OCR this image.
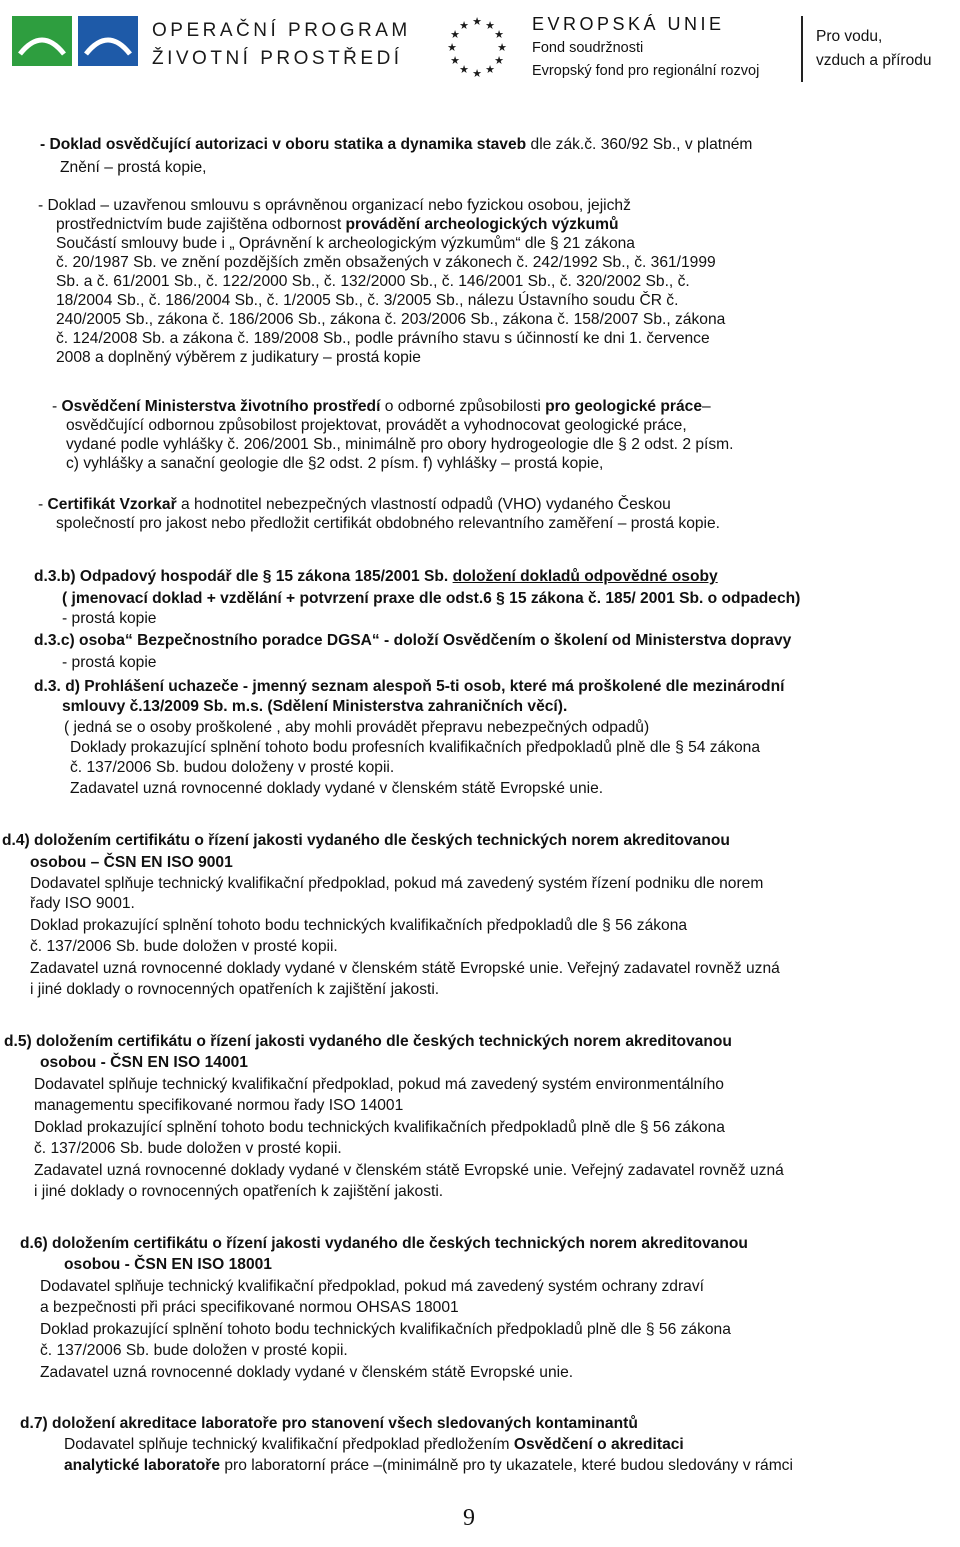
OPERAČNÍ PROGRAM
ŽIVOTNÍ PROSTŘEDÍ
★ ★
★
★
★
★
★
★
★
★
★
★	EVROPSKÁ UNIE
Fond soudržnosti
Evropský fond pro regionální rozvoj
Pro vodu,
vzduch a přírodu
- Doklad osvědčující autorizaci v oboru statika a dynamika staveb dle zák.č. 360/92 Sb., v platném
Znění – prostá kopie,
- Doklad – uzavřenou smlouvu s oprávněnou organizací nebo fyzickou osobou, jejichž
prostřednictvím bude zajištěna odbornost provádění archeologických výzkumů
Součástí smlouvy bude i „ Oprávnění k archeologickým výzkumům“ dle § 21 zákona
č. 20/1987 Sb. ve znění pozdějších změn obsažených v zákonech č. 242/1992 Sb., č. 361/1999
Sb. a č. 61/2001 Sb., č. 122/2000 Sb., č. 132/2000 Sb., č. 146/2001 Sb., č. 320/2002 Sb., č.
18/2004 Sb., č. 186/2004 Sb., č. 1/2005 Sb., č. 3/2005 Sb., nálezu Ústavního soudu ČR č.
240/2005 Sb., zákona č. 186/2006 Sb., zákona č. 203/2006 Sb., zákona č. 158/2007 Sb., zákona
č. 124/2008 Sb. a zákona č. 189/2008 Sb., podle právního stavu s účinností ke dni 1. července
2008 a doplněný výběrem z judikatury – prostá kopie
- Osvědčení Ministerstva životního prostředí o odborné způsobilosti pro geologické práce–
osvědčující odbornou způsobilost projektovat, provádět a vyhodnocovat geologické práce,
vydané podle vyhlášky č. 206/2001 Sb., minimálně pro obory hydrogeologie dle § 2 odst. 2 písm.
c) vyhlášky a sanační geologie dle §2 odst. 2 písm. f) vyhlášky – prostá kopie,
- Certifikát Vzorkař a hodnotitel nebezpečných vlastností odpadů (VHO) vydaného Českou
společností pro jakost nebo předložit certifikát obdobného relevantního zaměření – prostá kopie.
d.3.b) Odpadový hospodář dle § 15 zákona 185/2001 Sb. doložení dokladů odpovědné osoby
( jmenovací doklad + vzdělání + potvrzení praxe dle odst.6 § 15 zákona č. 185/ 2001 Sb. o odpadech)
- prostá kopie
d.3.c) osoba“ Bezpečnostního poradce DGSA“ - doloží Osvědčením o školení od Ministerstva dopravy
- prostá kopie
d.3. d) Prohlášení uchazeče - jmenný seznam alespoň 5-ti osob, které má proškolené dle mezinárodní
smlouvy č.13/2009 Sb. m.s. (Sdělení Ministerstva zahraničních věcí).
( jedná se o osoby proškolené , aby mohli provádět přepravu nebezpečných odpadů)
Doklady prokazující splnění tohoto bodu profesních kvalifikačních předpokladů plně dle § 54 zákona
č. 137/2006 Sb. budou doloženy v prosté kopii.
Zadavatel uzná rovnocenné doklady vydané v členském státě Evropské unie.
d.4) doložením certifikátu o řízení jakosti vydaného dle českých technických norem akreditovanou
osobou – ČSN EN ISO 9001
Dodavatel splňuje technický kvalifikační předpoklad, pokud má zavedený systém řízení podniku dle norem
řady ISO 9001.
Doklad prokazující splnění tohoto bodu technických kvalifikačních předpokladů dle § 56 zákona
č. 137/2006 Sb. bude doložen v prosté kopii.
Zadavatel uzná rovnocenné doklady vydané v členském státě Evropské unie. Veřejný zadavatel rovněž uzná
i jiné doklady o rovnocenných opatřeních k zajištění jakosti.
d.5) doložením certifikátu o řízení jakosti vydaného dle českých technických norem akreditovanou
osobou - ČSN EN ISO 14001
Dodavatel splňuje technický kvalifikační předpoklad, pokud má zavedený systém environmentálního
managementu specifikované normou řady ISO 14001
Doklad prokazující splnění tohoto bodu technických kvalifikačních předpokladů plně dle § 56 zákona
č. 137/2006 Sb. bude doložen v prosté kopii.
Zadavatel uzná rovnocenné doklady vydané v členském státě Evropské unie. Veřejný zadavatel rovněž uzná
i jiné doklady o rovnocenných opatřeních k zajištění jakosti.
d.6) doložením certifikátu o řízení jakosti vydaného dle českých technických norem akreditovanou
osobou - ČSN EN ISO 18001
Dodavatel splňuje technický kvalifikační předpoklad, pokud má zavedený systém ochrany zdraví
a bezpečnosti při práci specifikované normou OHSAS 18001
Doklad prokazující splnění tohoto bodu technických kvalifikačních předpokladů plně dle § 56 zákona
č. 137/2006 Sb. bude doložen v prosté kopii.
Zadavatel uzná rovnocenné doklady vydané v členském státě Evropské unie.
d.7) doložení akreditace laboratoře pro stanovení všech sledovaných kontaminantů
Dodavatel splňuje technický kvalifikační předpoklad předložením Osvědčení o akreditaci
analytické laboratoře pro laboratorní práce –(minimálně pro ty ukazatele, které budou sledovány v rámci
9
